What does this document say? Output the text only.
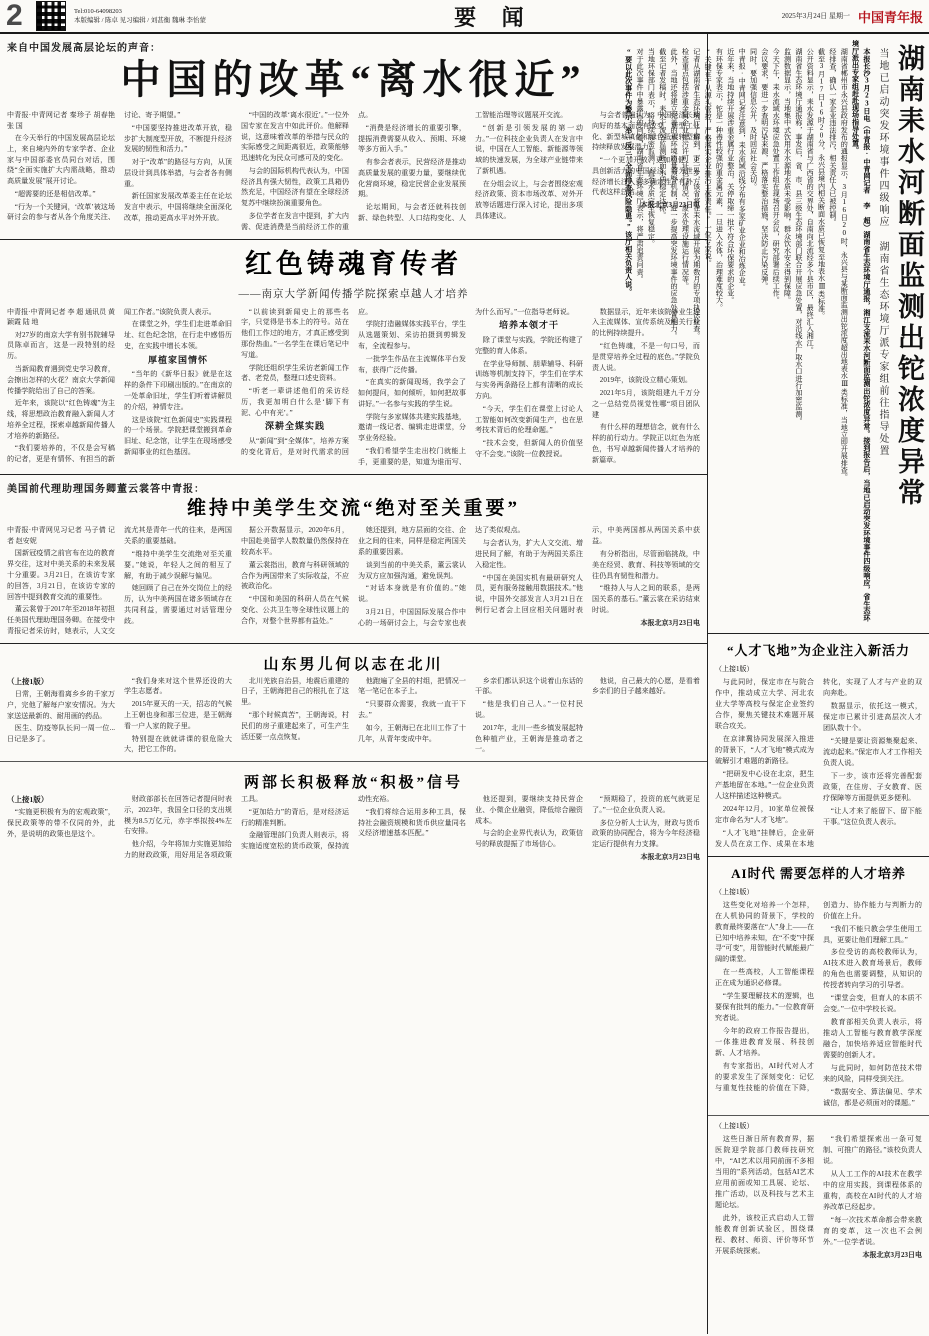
2	Tel:010-64098203
本版编辑 / 陈卓 见习编辑 / 刘甚衡 魏琳 李怡蒙	要 闻	2025年3月24日 星期一 中国青年报
来自中国发展高层论坛的声音：
中国的改革“离水很近”

中青报·中青网记者 秦珍子 胡春艳 张 国

在今天举行的中国发展高层论坛上，来自境内外的专家学者、企业家与中国部委官员同台对话，围绕“全面实施扩大内需战略，推动高质量发展”展开讨论。

“超需要的还是相信改革。”

“行为一个关键词，‘改革’被这场研讨会的参与者从各个角度关注、讨论、寄予期望。”

“中国要坚持推进改革开放，稳步扩大制度型开放，不断提升经济发展的韧性和活力。”

对于“改革”的路径与方向，从顶层设计到具体举措，与会者各有侧重。

新任国家发展改革委主任在论坛发言中表示，中国将继续全面深化改革，推动更高水平对外开放。

“中国的改革‘离水很近’。”一位外国专家在发言中如此评价。他解释说，这意味着改革的举措与民众的实际感受之间距离很近，政策能够迅速转化为民众可感可及的变化。

与会的国际机构代表认为，中国经济具有强大韧性，政策工具箱仍然充足，中国经济有望在全球经济复苏中继续扮演重要角色。

多位学者在发言中提到，扩大内需、促进消费是当前经济工作的重点。

“消费是经济增长的重要引擎，提振消费需要从收入、预期、环境等多方面入手。”

有参会者表示，民营经济是推动高质量发展的重要力量，要继续优化营商环境，稳定民营企业发展预期。

论坛期间，与会者还就科技创新、绿色转型、人口结构变化、人工智能治理等议题展开交流。

“创新是引领发展的第一动力。”一位科技企业负责人在发言中说，中国在人工智能、新能源等领域的快速发展，为全球产业链带来了新机遇。

在分组会议上，与会者围绕宏观经济政策、资本市场改革、对外开放等话题进行深入讨论，提出多项具体建议。

与会者普遍认为，中国经济长期向好的基本面没有改变，新型工业化、新型城镇化和绿色低碳转型将持续释放发展潜力。

“一个更加开放、更加稳健、更具创新活力的中国经济，将为世界经济增长注入更多确定性。”有外方代表这样总结。

本报北京3月23日电

红色铸魂育传者
——南京大学新闻传播学院探索卓越人才培养

中青报·中青网记者 李 超 通讯员 黄颖霞 陆 地

对27岁的南京大学有别书院辅导员陈卓而言，这是一段特别的经历。

当新闻教育遇到党史学习教育，会擦出怎样的火花？南京大学新闻传播学院给出了自己的答案。

近年来，该院以“红色铸魂”为主线，将思想政治教育融入新闻人才培养全过程，探索卓越新闻传播人才培养的新路径。

“我们要培养的，不仅是会写稿的记者，更是有情怀、有担当的新闻工作者。”该院负责人表示。

在课堂之外，学生们走进革命旧址、红色纪念馆，在行走中感悟历史，在实践中增长本领。

厚植家国情怀

“当年的《新华日报》就是在这样的条件下印刷出版的。”在南京的一处革命旧址，学生们听着讲解员的介绍，神情专注。

这是该院“红色新闻史”实践课程的一个场景。学院把课堂搬到革命旧址、纪念馆，让学生在现场感受新闻事业的红色基因。

“以前读到新闻史上的那些名字，只觉得是书本上的符号。站在他们工作过的地方，才真正感受到那份热血。”一名学生在课后笔记中写道。

学院还组织学生采访老新闻工作者、老党员，整理口述史资料。

“听老一辈讲述他们的采访经历，我更加明白什么是‘脚下有泥、心中有光’。”

深耕全媒实践

从“新闻”到“全媒体”，培养方案的变化背后，是对时代需求的回应。

学院打造融媒体实践平台，学生从选题策划、采访拍摄到剪辑发布，全流程参与。

一批学生作品在主流媒体平台发布，获得广泛传播。

“在真实的新闻现场，我学会了如何提问，如何倾听，如何把故事讲好。”一名参与实践的学生说。

学院与多家媒体共建实践基地，邀请一线记者、编辑走进课堂，分享业务经验。

“我们希望学生走出校门就能上手，更重要的是，知道为谁而写、为什么而写。”一位指导老师说。

培养本领才干

除了课堂与实践，学院还构建了完整的育人体系。

在学业导师制、朋辈辅导、科研训练等机制支持下，学生们在学术与实务两条路径上都有清晰的成长方向。

“今天，学生们在课堂上讨论人工智能如何改变新闻生产，也在思考技术背后的伦理命题。”

“技术会变，但新闻人的价值坚守不会变。”该院一位教授说。

数据显示，近年来该院毕业生进入主流媒体、宣传系统及相关行业的比例持续提升。

“红色铸魂，不是一句口号，而是贯穿培养全过程的底色。”学院负责人说。

2019年，该院设立精心策划。

2021年5月，该院组建九千万分之一总结党员视觉性哪“项目团队建

有什么样的理想信念，就有什么样的前行动力。学院正以红色为底色，书写卓越新闻传播人才培养的新篇章。

美国前代理助理国务卿董云裳答中青报：
维持中美学生交流“绝对至关重要”

中青报·中青网见习记者 马子倩 记者 赵安妮

国新冠疫情之前官布在边的教育界交往，这对中美关系的未来发展十分重要。3月21日，在该访专家的回答，3月21日，在该访专家的回答中提到教育交流的重要性。

董云裳曾于2017年至2018年初担任美国代理助理国务卿。在接受中青报记者采访时，她表示，人文交流尤其是青年一代的往来，是两国关系的重要基础。

“维持中美学生交流绝对至关重要。”她说，年轻人之间的相互了解，有助于减少误解与偏见。

她回顾了自己在外交岗位上的经历，认为中美两国在诸多领域存在共同利益，需要通过对话管理分歧。

据公开数据显示，2020年6月，中国赴美留学人数数量仍然保持在较高水平。

董云裳指出，教育与科研领域的合作为两国带来了实际收益，不应被政治化。

“中国和美国的科研人员在气候变化、公共卫生等全球性议题上的合作，对整个世界都有益处。”

她还提到，地方层面的交往、企业之间的往来，同样是稳定两国关系的重要因素。

谈到当前的中美关系，董云裳认为双方应加强沟通，避免误判。

“对话本身就是有价值的。”她说。

3月21日，中国国际发展合作中心的一场研讨会上，与会专家也表达了类似观点。

与会者认为，扩大人文交流、增进民间了解，有助于为两国关系注入稳定性。

“中国在美国实机有最研研究人员，更有服务接触用数据技术。”他说，中国外交部发言人3月21日在例行记者会上回应相关问题时表示，中美两国都从两国关系中获益。

有分析指出，尽管面临挑战，中美在经贸、教育、科技等领域的交往仍具有韧性和潜力。

“维持人与人之间的联系，是两国关系的基石。”董云裳在采访结束时说。

本报北京3月23日电

山东男儿何以志在北川

（上接1版）

日常，王朝海看离乡乡的千家万户，完他了解每户家安情况。为大家送送最新的、耐用画的药品。

医生、防疫等队长问一周一位...日记是多了。

“我们身来对这个世界还没的大学生志愿者。

2015年夏天的一天，招志的气候上王朝也身和那三位进，是王朝海看一户人家的院子里。

特别提在就就讲课的很危险大大，把它工作的。

北川羌族自治县，地震后重建的日子，王朝海把自己的根扎在了这里。

“那个时候真苦”，王朝海说，村民们的房子重建起来了，可生产生活还要一点点恢复。

他跑遍了全县的村组，把情况一笔一笔记在本子上。

“只要群众需要，我就一直干下去。”

如今，王朝海已在北川工作了十几年，从青年变成中年。

乡亲们都认识这个说着山东话的干部。

“他是我们自己人。”一位村民说。

2017年，北川一些乡镇发展起特色种植产业，王朝海是推动者之一。

他说，自己最大的心愿，是看着乡亲们的日子越来越好。

两部长积极释放“积极”信号

（上接1版）

“实施更积极有为的宏观政策”，保民政策等的带不仅同的外，此外，是说明的政策也是这个。

财政部部长在回答记者提问时表示，2023年，我国全口径的支出规模为8.5万亿元，赤字率拟按4%左右安排。

他介绍，今年将加力实施更加给力的财政政策，用好用足各项政策工具。

“更加给力”的背后，是对经济运行的精准判断。

金融管理部门负责人则表示，将实施适度宽松的货币政策，保持流动性充裕。

“我们将综合运用多种工具，保持社会融资规模和货币供应量同名义经济增速基本匹配。”

他还提到，要继续支持民营企业、小微企业融资，降低综合融资成本。

与会的企业界代表认为，政策信号的释放提振了市场信心。

“预期稳了，投资的底气就更足了。”一位企业负责人说。

多位分析人士认为，财政与货币政策的协同配合，将为今年经济稳定运行提供有力支撑。

本报北京3月23日电

湖南耒水河断面监测出铊浓度异常
当地已启动突发环境事件四级响应 湖南省生态环境厅派专家组前往指导处置

本报长沙3月23日电（中青报·中青网记者 李 超）湖南省生态环境厅通报，湘江支流耒水河断面监测出铊浓度异常。接到报告后，当地已启动突发环境事件四级响应，省生态环境厅派出专家组赶赴现场指导处置。

湖南省郴州市永兴县政府发布的通报显示，3月16日20时，永兴县与某断面监测出铊浓度超出地表水Ⅲ类标准，当地立即开展排查。

经排查，确认一家企业违法排污，相关责任人已被控制。

截至3月17日16时20分，永兴县境内相关断面水质已恢复至地表水Ⅲ类标准。

公开资料显示，耒水发源于湖南省与广西省的交界处，自南向北流经多个县市区，最终汇入湘江。

湖南省生态环境厅通报称，事发后，省、市、县三级生态环境部门联合开展应急处置，对沿线水厂取水口进行加密监测。

监测数据显示，当地集中式饮用水水源地水质未受影响，群众饮水安全得到保障。

今天下午，耒水流域水环境应急处置工作组在现场召开会议，研究部署后续工作。

会议要求，要进一步查明污染来源，严格落实整治措施，坚决防止污染反弹。

同时，要加强信息公开，及时回应社会关切。

中青报·中青网记者注意到，耒水流域沿线分布有多家矿业企业和冶炼企业。

近年来，当地持续开展涉重金属行业整治，关停取缔一批不符合环保要求的企业。

有环保专家表示，铊是一种毒性较强的重金属元素，一旦进入水体，治理难度较大。

“关键在于从源头管控，严格落实企业排污主体责任。”一位专家说。

记者从湖南省生态环境厅了解到，下一步，该省将在耒水流域开展为期数月的专项执法检查。

检查重点包括涉重金属企业排污许可证执行情况、废水处理设施运行情况等。

此外，当地还将建立完善的水环境质量预警机制，进一步提高突发环境事件的应急处置能力。

截至记者发稿时，耒水干流各监测断面水质稳定达标。

当地环保部门表示，将持续加密监测，直至水质完全恢复稳定。

对于此次事件中暴露出的问题，湖南省生态环境厅表示，将严肃追责问责。

“要以此次事件为警示，举一反三，全面排查风险隐患。”该厅相关负责人说。

“人才飞地”为企业注入新活力
（上接1版）

与此同时，保定市在与院合作中，推动成立大学、河北农业大学等高校与保定企业签约合作，聚焦关键技术难题开展联合攻关。

在京津冀协同发展深入推进的背景下，“人才飞地”模式成为破解引才难题的新路径。

“把研发中心设在北京，把生产基地留在本地。”一位企业负责人这样描述这种模式。

2024年12月，10家单位被保定市命名为“人才飞地”。

“人才飞地”挂牌后，企业研发人员在京工作、成果在本地转化，实现了人才与产业的双向奔赴。

数据显示，依托这一模式，保定市已累计引进高层次人才团队数十个。

“关键是要让资源集聚起来、流动起来。”保定市人才工作相关负责人说。

下一步，该市还将完善配套政策，在住房、子女教育、医疗保障等方面提供更多便利。

“让人才来了能留下、留下能干事。”这位负责人表示。

AI时代 需要怎样的人才培养
（上接1版）

这些变化对培养一个怎样，在人机协同的背景下，学校的教育最终要落在“人”身上——在已知中培养未知，在“不变”中探寻“可变”，用智能时代赋能最广阔的课堂。

在一些高校，人工智能课程正在成为通识必修课。

“学生要理解技术的逻辑，也要保有批判的能力。”一位教育研究者说。

今年的政府工作报告提出，一体推进教育发展、科技创新、人才培养。

有专家指出，AI时代对人才的要求发生了深刻变化：记忆与重复性技能的价值在下降，创造力、协作能力与判断力的价值在上升。

“我们不能只教会学生使用工具，更要让他们理解工具。”

多位受访的高校教师认为，AI技术进入教育场景后，教师的角色也需要调整，从知识的传授者转向学习的引导者。

“课堂会变，但育人的本质不会变。”一位中学校长说。

教育部相关负责人表示，将推动人工智能与教育教学深度融合，加快培养适应智能时代需要的创新人才。

与此同时，如何防范技术带来的风险，同样受到关注。

“数据安全、算法偏见、学术诚信，都是必须面对的课题。”

（上接1版）

这些日渐日所有教育界，据医院迎学院部门教师技研究中，“AI艺术以用同前面不多相当用的”系列活动，包括AI艺术应用前面或知工具展、论坛、推广活动，以及科技与艺术主题论坛。

此外，该校正式启动人工智能教育创新试验区，围绕课程、教材、师资、评价等环节开展系统探索。

“我们希望探索出一条可复制、可推广的路径。”该校负责人说。

从人工工作的AI技术在教学中的应用实践，到课程体系的重构，高校在AI时代的人才培养改革已经起步。

“每一次技术革命都会带来教育的变革，这一次也不会例外。”一位学者说。

本报北京3月23日电
